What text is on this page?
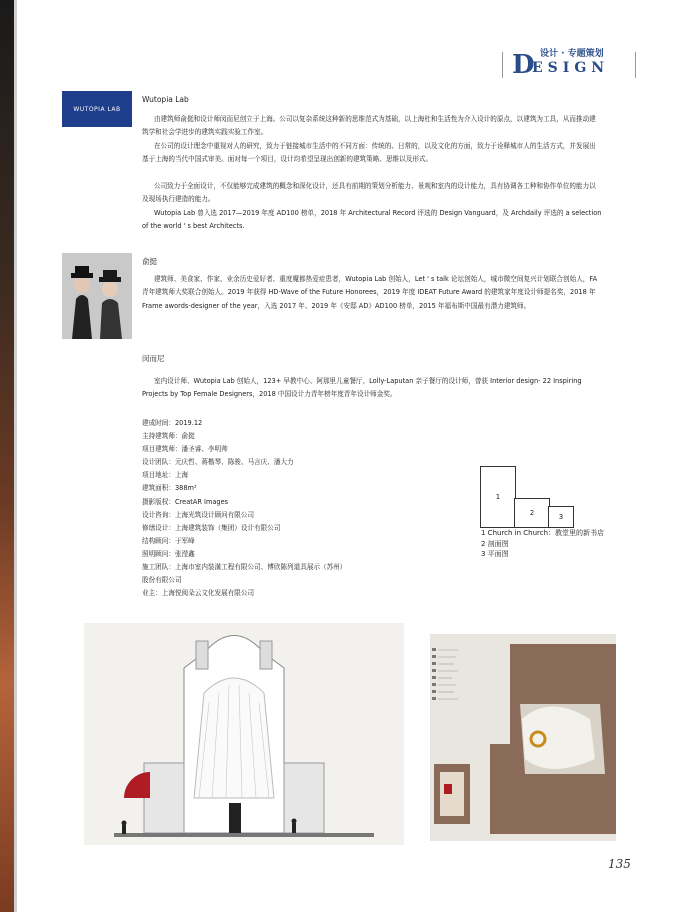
设计 · 专题策划
D
ESIGN
WUTOPIA LAB
Wutopia Lab

由建筑师俞挺和设计师闵而尼创立于上海。公司以复杂系统这种新的思维范式为基础，以上海杜和生活性为介入设计的原点，以建筑为工具，从而推动建筑学和社会学进步的建筑实践实验工作室。

在公司的设计理念中重视对人的研究，致力于链接城市生活中的不同方面：传统的、日常的，以及文化的方面，致力于诠释城市人的生活方式，并发展出基于上海的当代中国式审美。面对每一个项目，设计均希望呈现出创新的建筑策略、思维以及形式。

公司致力于全面设计，不仅能够完成建筑的概念和深化设计，还具有前期的策划分析能力、景观和室内的设计能力，具有协调各工种和协作单位的能力以及现场执行建造的能力。

Wutopia Lab 曾入选 2017—2019 年度 AD100 榜单，2018 年 Architectural Record 评选的 Design Vanguard，及 Archdaily 评选的 a selection of the world ' s best Architects.

俞挺

建筑师、美食家、作家、业余历史爱好者、重度魔都热爱症患者，Wutopia Lab 创始人，Let ' s talk 论坛创始人，城市微空间复兴计划联合创始人，FA 青年建筑师大奖联合创始人。2019 年获得 HD-Wave of the Future Honorees，2019 年度 IDEAT Future Award 的建筑家年度设计师提名奖，2018 年 Frame awords-designer of the year，入选 2017 年、2019 年《安邸 AD》AD100 榜单，2015 年福布斯中国最有潜力建筑师。

闵而尼

室内设计师、Wutopia Lab 创始人，123+ 早教中心、阿那里儿童餐厅、Lolly-Laputan 亲子餐厅的设计师，曾获 Interior design- 22 Inspiring Projects by Top Female Designers，2018 中国设计力青年榜年度青年设计师金奖。

建成时间：2019.12
主持建筑师：俞挺
项目建筑师：潘圣睿、李明帅
设计团队：元庆哲、蒋楷琴、陈骏、马言庆、潘大力
项目地址：上海
建筑面积：388m²
摄影版权：CreatAR Images
设计咨询：上海光筑设计顾问有限公司
修缮设计：上海建筑装饰（集团）设计有限公司
结构顾问：于军峰
照明顾问：张滢鑫
施工团队：上海市室内装潢工程有限公司、博欣陈列道具展示（苏州）
股份有限公司
业主：上海悦阅朵云文化发展有限公司
1
2	3
1 Church in Church：教堂里的新书店
2 剖面图
3 平面图
135
